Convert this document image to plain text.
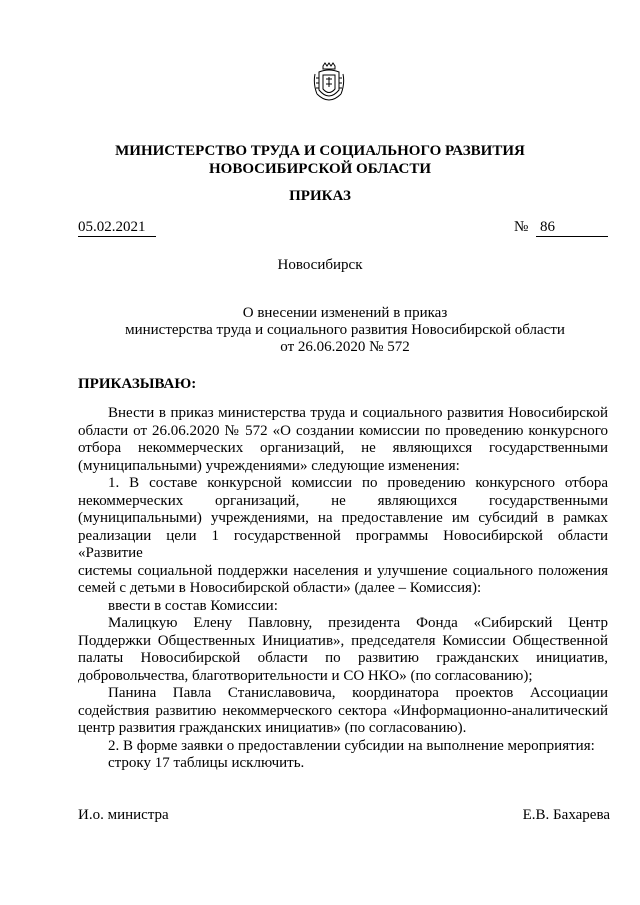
МИНИСТЕРСТВО ТРУДА И СОЦИАЛЬНОГО РАЗВИТИЯ
НОВОСИБИРСКОЙ ОБЛАСТИ
ПРИКАЗ
05.02.2021	№ 86
Новосибирск
О внесении изменений в приказ
министерства труда и социального развития Новосибирской области
от 26.06.2020 № 572
ПРИКАЗЫВАЮ:

Внести в приказ министерства труда и социального развития Новосибирской

области от 26.06.2020 № 572 «О создании комиссии по проведению конкурсного

отбора некоммерческих организаций, не являющихся государственными

(муниципальными) учреждениями» следующие изменения:

1. В составе конкурсной комиссии по проведению конкурсного отбора

некоммерческих организаций, не являющихся государственными

(муниципальными) учреждениями, на предоставление им субсидий в рамках

реализации цели 1 государственной программы Новосибирской области «Развитие

системы социальной поддержки населения и улучшение социального положения

семей с детьми в Новосибирской области» (далее – Комиссия):

ввести в состав Комиссии:

Малицкую Елену Павловну, президента Фонда «Сибирский Центр

Поддержки Общественных Инициатив», председателя Комиссии Общественной

палаты Новосибирской области по развитию гражданских инициатив,

добровольчества, благотворительности и СО НКО» (по согласованию);

Панина Павла Станиславовича, координатора проектов Ассоциации

содействия развитию некоммерческого сектора «Информационно-аналитический

центр развития гражданских инициатив» (по согласованию).

2. В форме заявки о предоставлении субсидии на выполнение мероприятия:

строку 17 таблицы исключить.

И.о. министра	Е.В. Бахарева
